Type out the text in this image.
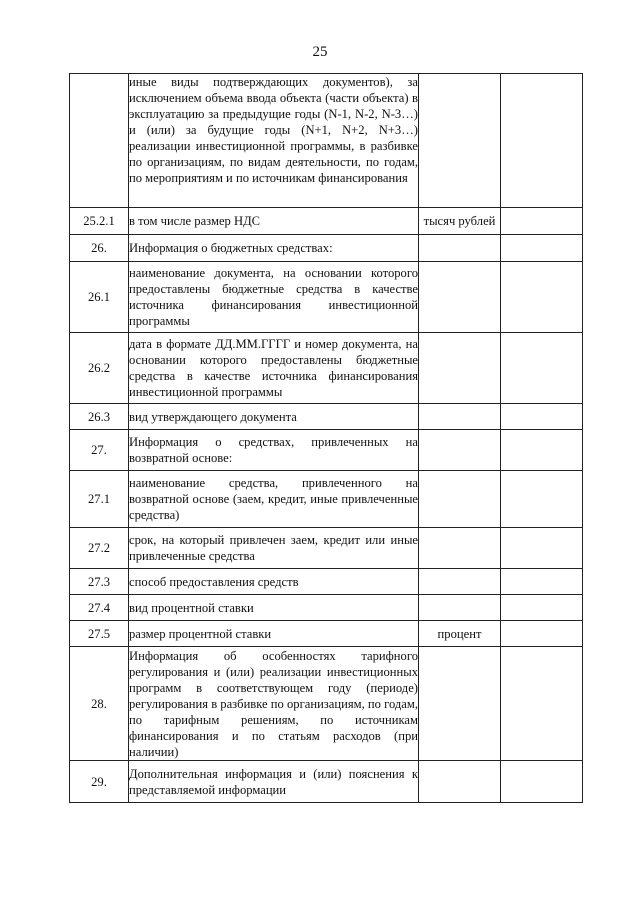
25
	иные виды подтверждающих документов), за исключением объема ввода объекта (части объекта) в эксплуатацию за предыдущие годы (N-1, N-2, N-3…) и (или) за будущие годы (N+1, N+2, N+3…) реализации инвестиционной программы, в разбивке по организациям, по видам деятельности, по годам, по мероприятиям и по источникам финансирования		
25.2.1	в том числе размер НДС	тысяч рублей	
26.	Информация о бюджетных средствах:		
26.1	наименование документа, на основании которого предоставлены бюджетные средства в качестве источника финансирования инвестиционной программы		
26.2	дата в формате ДД.ММ.ГГГГ и номер документа, на основании которого предоставлены бюджетные средства в качестве источника финансирования инвестиционной программы		
26.3	вид утверждающего документа		
27.	Информация о средствах, привлеченных на возвратной основе:		
27.1	наименование средства, привлеченного на возвратной основе (заем, кредит, иные привлеченные средства)		
27.2	срок, на который привлечен заем, кредит или иные привлеченные средства		
27.3	способ предоставления средств		
27.4	вид процентной ставки		
27.5	размер процентной ставки	процент	
28.	Информация об особенностях тарифного регулирования и (или) реализации инвестиционных программ в соответствующем году (периоде) регулирования в разбивке по организациям, по годам, по тарифным решениям, по источникам финансирования и по статьям расходов (при наличии)		
29.	Дополнительная информация и (или) пояснения к представляемой информации		
